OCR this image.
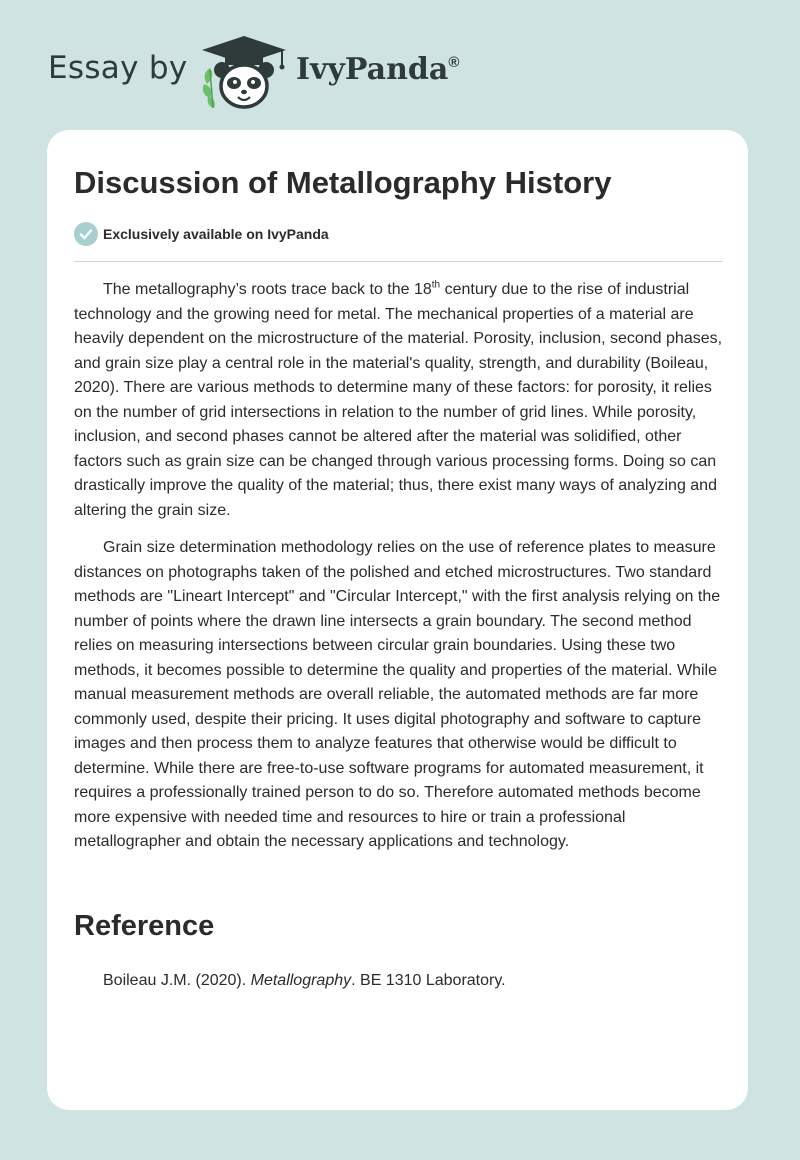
Essay by	IvyPanda®
Discussion of Metallography History
Exclusively available on IvyPanda

The metallography’s roots trace back to the 18th century due to the rise of industrial technology and the growing need for metal. The mechanical properties of a material are heavily dependent on the microstructure of the material. Porosity, inclusion, second phases, and grain size play a central role in the material's quality, strength, and durability (Boileau, 2020). There are various methods to determine many of these factors: for porosity, it relies on the number of grid intersections in relation to the number of grid lines. While porosity, inclusion, and second phases cannot be altered after the material was solidified, other factors such as grain size can be changed through various processing forms. Doing so can drastically improve the quality of the material; thus, there exist many ways of analyzing and altering the grain size.

Grain size determination methodology relies on the use of reference plates to measure distances on photographs taken of the polished and etched microstructures. Two standard methods are "Lineart Intercept" and "Circular Intercept," with the first analysis relying on the number of points where the drawn line intersects a grain boundary. The second method relies on measuring intersections between circular grain boundaries. Using these two methods, it becomes possible to determine the quality and properties of the material. While manual measurement methods are overall reliable, the automated methods are far more commonly used, despite their pricing. It uses digital photography and software to capture images and then process them to analyze features that otherwise would be difficult to determine. While there are free-to-use software programs for automated measurement, it requires a professionally trained person to do so. Therefore automated methods become more expensive with needed time and resources to hire or train a professional metallographer and obtain the necessary applications and technology.

Reference
Boileau J.M. (2020). Metallography. BE 1310 Laboratory.
